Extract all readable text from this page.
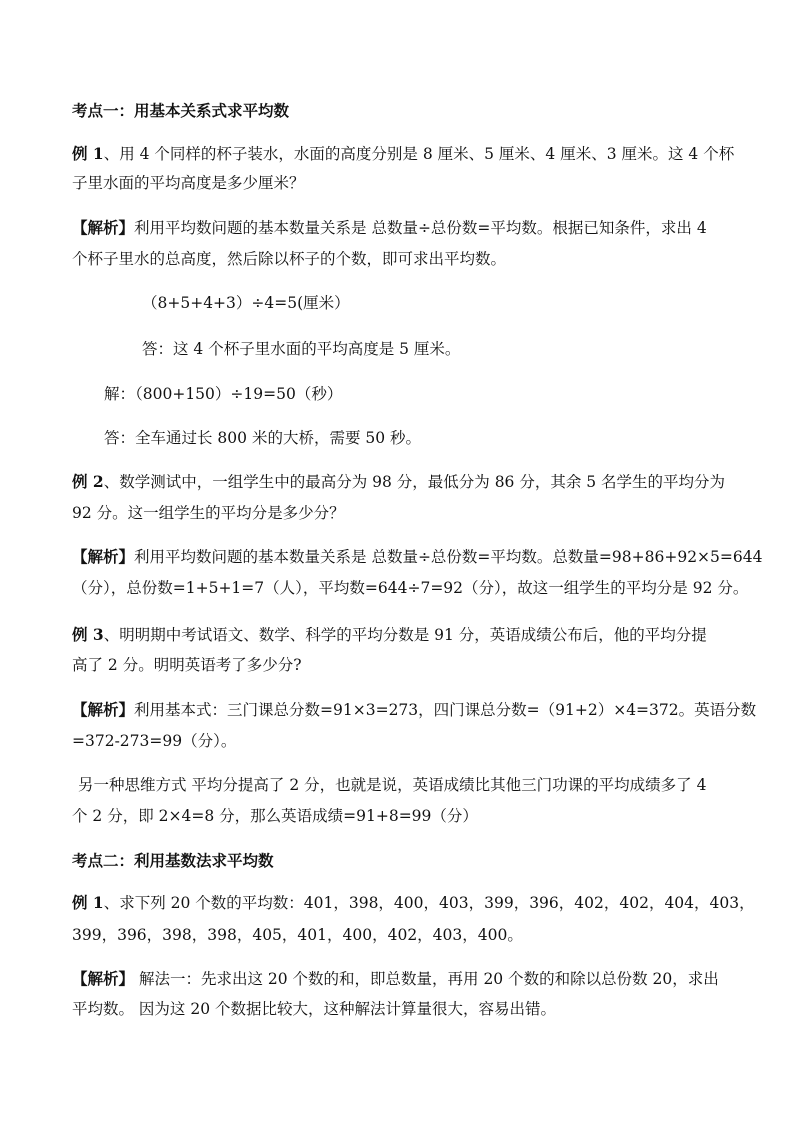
考点一：用基本关系式求平均数
例 1、用 4 个同样的杯子装水，水面的高度分别是 8 厘米、5 厘米、4 厘米、3 厘米。这 4 个杯
子里水面的平均高度是多少厘米？
【解析】利用平均数问题的基本数量关系是 总数量÷总份数=平均数。根据已知条件，求出 4
个杯子里水的总高度，然后除以杯子的个数，即可求出平均数。
（8+5+4+3）÷4=5(厘米）
答：这 4 个杯子里水面的平均高度是 5 厘米。
解：（800+150）÷19=50（秒）
答：全车通过长 800 米的大桥，需要 50 秒。
例 2、数学测试中，一组学生中的最高分为 98 分，最低分为 86 分，其余 5 名学生的平均分为
92 分。这一组学生的平均分是多少分？
【解析】利用平均数问题的基本数量关系是 总数量÷总份数=平均数。总数量=98+86+92×5=644
（分），总份数=1+5+1=7（人），平均数=644÷7=92（分），故这一组学生的平均分是 92 分。
例 3、明明期中考试语文、数学、科学的平均分数是 91 分，英语成绩公布后，他的平均分提
高了 2 分。明明英语考了多少分?
【解析】利用基本式：三门课总分数=91×3=273，四门课总分数=（91+2）×4=372。英语分数
=372-273=99（分）。
另一种思维方式 平均分提高了 2 分，也就是说，英语成绩比其他三门功课的平均成绩多了 4
个 2 分，即 2×4=8 分，那么英语成绩=91+8=99（分）
考点二：利用基数法求平均数
例 1、求下列 20 个数的平均数：401，398，400，403，399，396，402，402，404，403，
399，396，398，398，405，401，400，402，403，400。
【解析】 解法一：先求出这 20 个数的和，即总数量，再用 20 个数的和除以总份数 20，求出
平均数。 因为这 20 个数据比较大，这种解法计算量很大，容易出错。
